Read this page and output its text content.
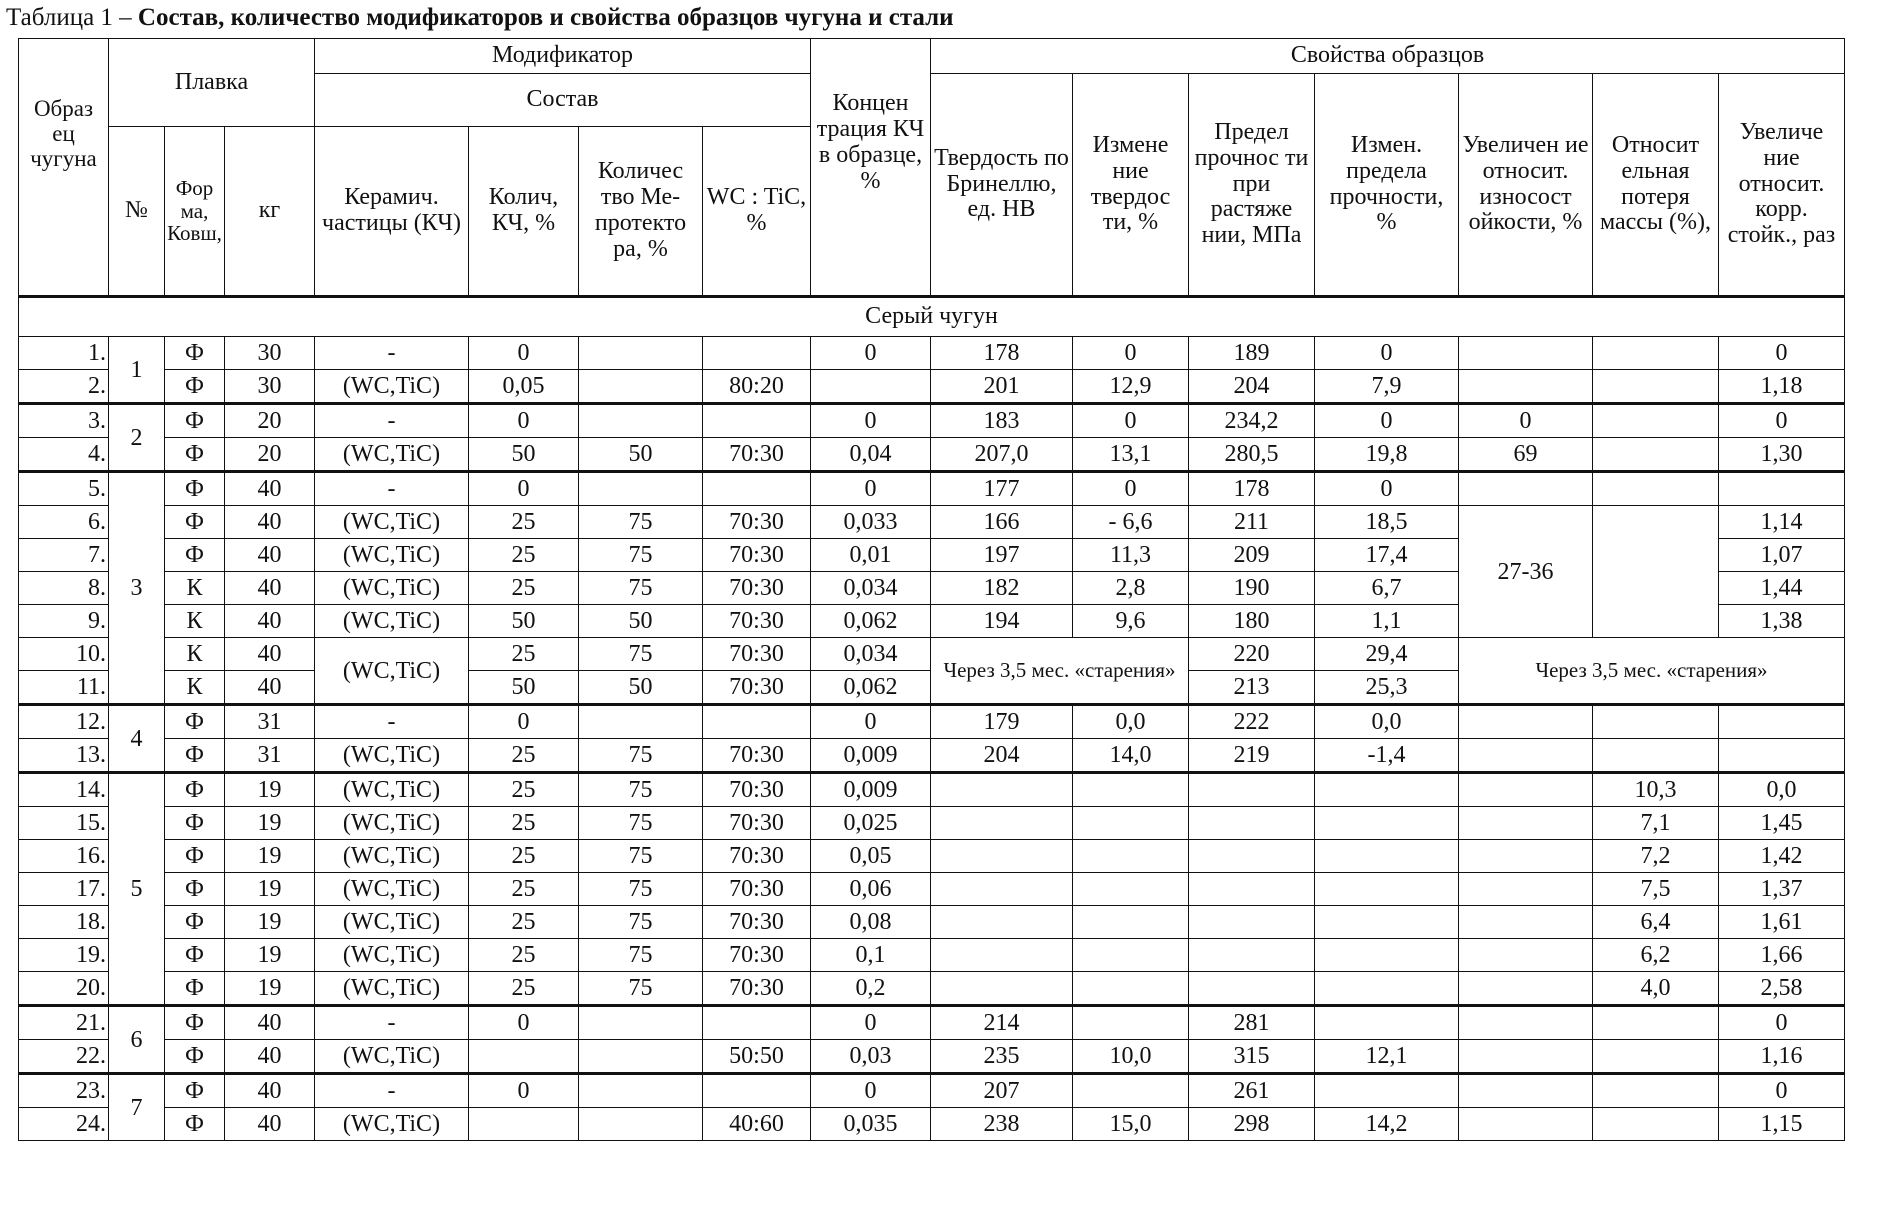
Таблица 1 – Состав, количество модификаторов и свойства образцов чугуна и стали
Образ ец чугуна	Плавка			Модификатор				Концен трация КЧ в образце, %	Свойства образцов						
				Состав					Твердость по Бринеллю, ед. HB	Измене ние твердос ти, %	Предел прочнос ти при растяже нии, МПа	Измен. предела прочности, %	Увеличен ие относит. износост ойкости, %	Относит ельная потеря массы (%),	Увеличе ние относит. корр. стойк., раз
	№	Фор ма, Ковш,	кг	Керамич. частицы (КЧ)	Колич, КЧ, %	Количес тво Ме-протекто ра, %	WC : TiC, %								
Серый чугун															
1.	1	Ф	30	-	0			0	178	0	189	0			0
2.		Ф	30	(WC,TiC)	0,05		80:20		201	12,9	204	7,9			1,18
3.	2	Ф	20	-	0			0	183	0	234,2	0	0		0
4.		Ф	20	(WC,TiC)	50	50	70:30	0,04	207,0	13,1	280,5	19,8	69		1,30
5.	3	Ф	40	-	0			0	177	0	178	0			
6.		Ф	40	(WC,TiC)	25	75	70:30	0,033	166	- 6,6	211	18,5	27-36		1,14
7.		Ф	40	(WC,TiC)	25	75	70:30	0,01	197	11,3	209	17,4			1,07
8.		К	40	(WC,TiC)	25	75	70:30	0,034	182	2,8	190	6,7			1,44
9.		К	40	(WC,TiC)	50	50	70:30	0,062	194	9,6	180	1,1			1,38
10.		К	40	(WC,TiC)	25	75	70:30	0,034	Через 3,5 мес. «старения»		220	29,4	Через 3,5 мес. «старения»		
11.		К	40		50	50	70:30	0,062			213	25,3			
12.	4	Ф	31	-	0			0	179	0,0	222	0,0			
13.		Ф	31	(WC,TiC)	25	75	70:30	0,009	204	14,0	219	-1,4			
14.	5	Ф	19	(WC,TiC)	25	75	70:30	0,009						10,3	0,0
15.		Ф	19	(WC,TiC)	25	75	70:30	0,025						7,1	1,45
16.		Ф	19	(WC,TiC)	25	75	70:30	0,05						7,2	1,42
17.		Ф	19	(WC,TiC)	25	75	70:30	0,06						7,5	1,37
18.		Ф	19	(WC,TiC)	25	75	70:30	0,08						6,4	1,61
19.		Ф	19	(WC,TiC)	25	75	70:30	0,1						6,2	1,66
20.		Ф	19	(WC,TiC)	25	75	70:30	0,2						4,0	2,58
21.	6	Ф	40	-	0			0	214		281				0
22.		Ф	40	(WC,TiC)			50:50	0,03	235	10,0	315	12,1			1,16
23.	7	Ф	40	-	0			0	207		261				0
24.		Ф	40	(WC,TiC)			40:60	0,035	238	15,0	298	14,2			1,15
